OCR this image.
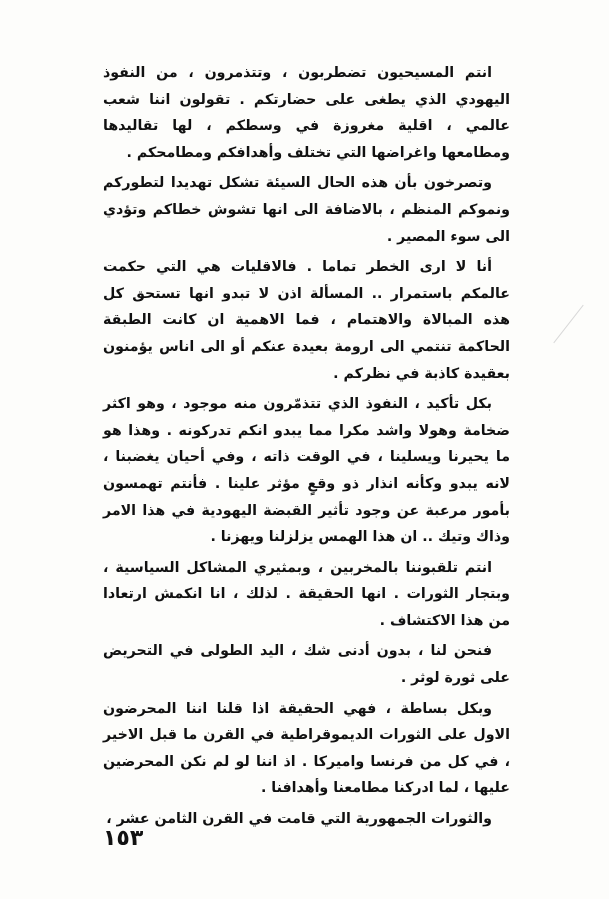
انتم المسيحيون تضطربون ، وتتذمرون ، من النفوذ اليهودي الذي يطغى على حضارتكم . تقولون اننا شعب عالمي ، اقلية مغروزة في وسطكم ، لها تقاليدها ومطامعها واغراضها التي تختلف وأهدافكم ومطامحكم .

وتصرخون بأن هذه الحال السيئة تشكل تهديدا لتطوركم ونموكم المنظم ، بالاضافة الى انها تشوش خطاكم وتؤدي الى سوء المصير .

أنا لا ارى الخطر تماما . فالاقليات هي التي حكمت عالمكم باستمرار .. المسألة اذن لا تبدو انها تستحق كل هذه المبالاة والاهتمام ، فما الاهمية ان كانت الطبقة الحاكمة تنتمي الى ارومة بعيدة عنكم أو الى اناس يؤمنون بعقيدة كاذبة في نظركم .

بكل تأكيد ، النفوذ الذي تتذمّرون منه موجود ، وهو اكثر ضخامة وهولا واشد مكرا مما يبدو انكم تدركونه . وهذا هو ما يحيرنا ويسلينا ، في الوقت ذاته ، وفي أحيان يغضبنا ، لانه يبدو وكأنه انذار ذو وقعٍ مؤثر علينا . فأنتم تهمسون بأمور مرعبة عن وجود تأثير القبضة اليهودية في هذا الامر وذاك وتيك .. ان هذا الهمس يزلزلنا ويهزنا .

انتم تلقبوننا بالمخربين ، وبمثيري المشاكل السياسية ، وبتجار الثورات . انها الحقيقة . لذلك ، انا انكمش ارتعادا من هذا الاكتشاف .

فنحن لنا ، بدون أدنى شك ، اليد الطولى في التحريض على ثورة لوثر .

وبكل بساطة ، فهي الحقيقة اذا قلنا اننا المحرضون الاول على الثورات الديموقراطية في القرن ما قبل الاخير ، في كل من فرنسا واميركا . اذ اننا لو لم نكن المحرضين عليها ، لما ادركنا مطامعنا وأهدافنا .

والثورات الجمهورية التي قامت في القرن الثامن عشر ،

١٥٣
